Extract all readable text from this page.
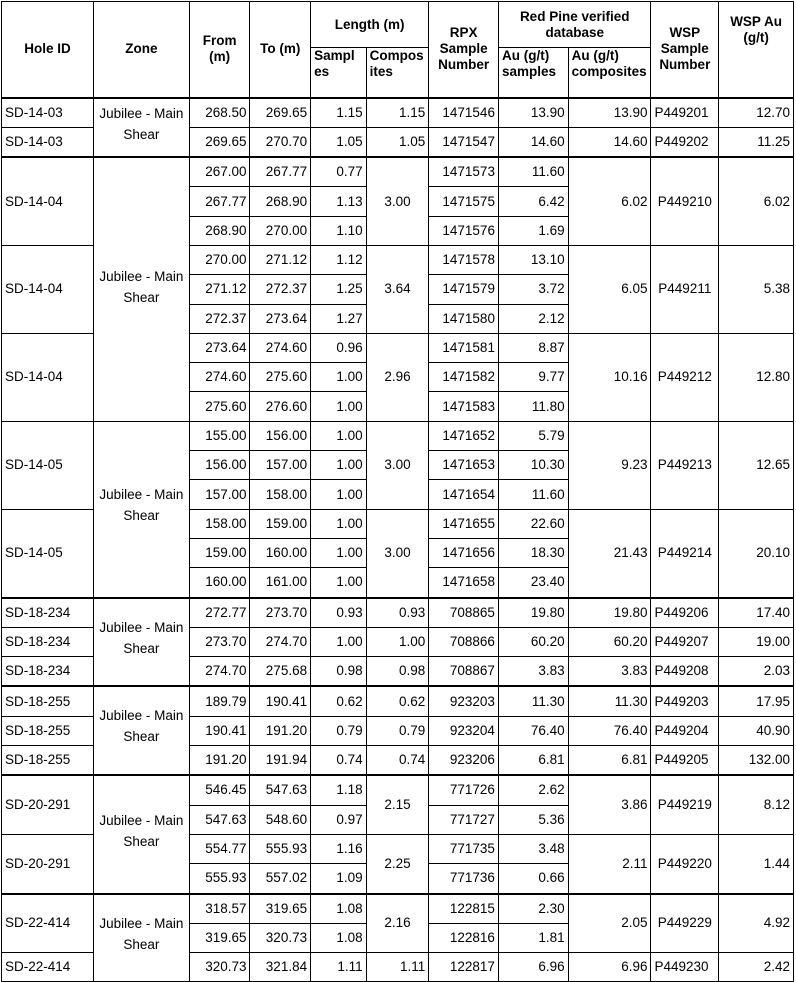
Hole ID	Zone	From (m)	To (m)	Length (m)		RPX Sample Number	Red Pine verified database		WSP Sample Number	WSP Au (g/t)
				Sampl es	Compos ites		Au (g/t) samples	Au (g/t) composites		
SD-14-03	Jubilee - Main Shear	268.50	269.65	1.15	1.15	1471546	13.90	13.90	P449201	12.70
SD-14-03		269.65	270.70	1.05	1.05	1471547	14.60	14.60	P449202	11.25
SD-14-04	Jubilee - Main Shear	267.00	267.77	0.77	3.00	1471573	11.60	6.02	P449210	6.02
		267.77	268.90	1.13		1471575	6.42			
		268.90	270.00	1.10		1471576	1.69			
SD-14-04		270.00	271.12	1.12	3.64	1471578	13.10	6.05	P449211	5.38
		271.12	272.37	1.25		1471579	3.72			
		272.37	273.64	1.27		1471580	2.12			
SD-14-04		273.64	274.60	0.96	2.96	1471581	8.87	10.16	P449212	12.80
		274.60	275.60	1.00		1471582	9.77			
		275.60	276.60	1.00		1471583	11.80			
SD-14-05	Jubilee - Main Shear	155.00	156.00	1.00	3.00	1471652	5.79	9.23	P449213	12.65
		156.00	157.00	1.00		1471653	10.30			
		157.00	158.00	1.00		1471654	11.60			
SD-14-05		158.00	159.00	1.00	3.00	1471655	22.60	21.43	P449214	20.10
		159.00	160.00	1.00		1471656	18.30			
		160.00	161.00	1.00		1471658	23.40			
SD-18-234	Jubilee - Main Shear	272.77	273.70	0.93	0.93	708865	19.80	19.80	P449206	17.40
SD-18-234		273.70	274.70	1.00	1.00	708866	60.20	60.20	P449207	19.00
SD-18-234		274.70	275.68	0.98	0.98	708867	3.83	3.83	P449208	2.03
SD-18-255	Jubilee - Main Shear	189.79	190.41	0.62	0.62	923203	11.30	11.30	P449203	17.95
SD-18-255		190.41	191.20	0.79	0.79	923204	76.40	76.40	P449204	40.90
SD-18-255		191.20	191.94	0.74	0.74	923206	6.81	6.81	P449205	132.00
SD-20-291	Jubilee - Main Shear	546.45	547.63	1.18	2.15	771726	2.62	3.86	P449219	8.12
		547.63	548.60	0.97		771727	5.36			
SD-20-291		554.77	555.93	1.16	2.25	771735	3.48	2.11	P449220	1.44
		555.93	557.02	1.09		771736	0.66			
SD-22-414	Jubilee - Main Shear	318.57	319.65	1.08	2.16	122815	2.30	2.05	P449229	4.92
		319.65	320.73	1.08		122816	1.81			
SD-22-414		320.73	321.84	1.11	1.11	122817	6.96	6.96	P449230	2.42
